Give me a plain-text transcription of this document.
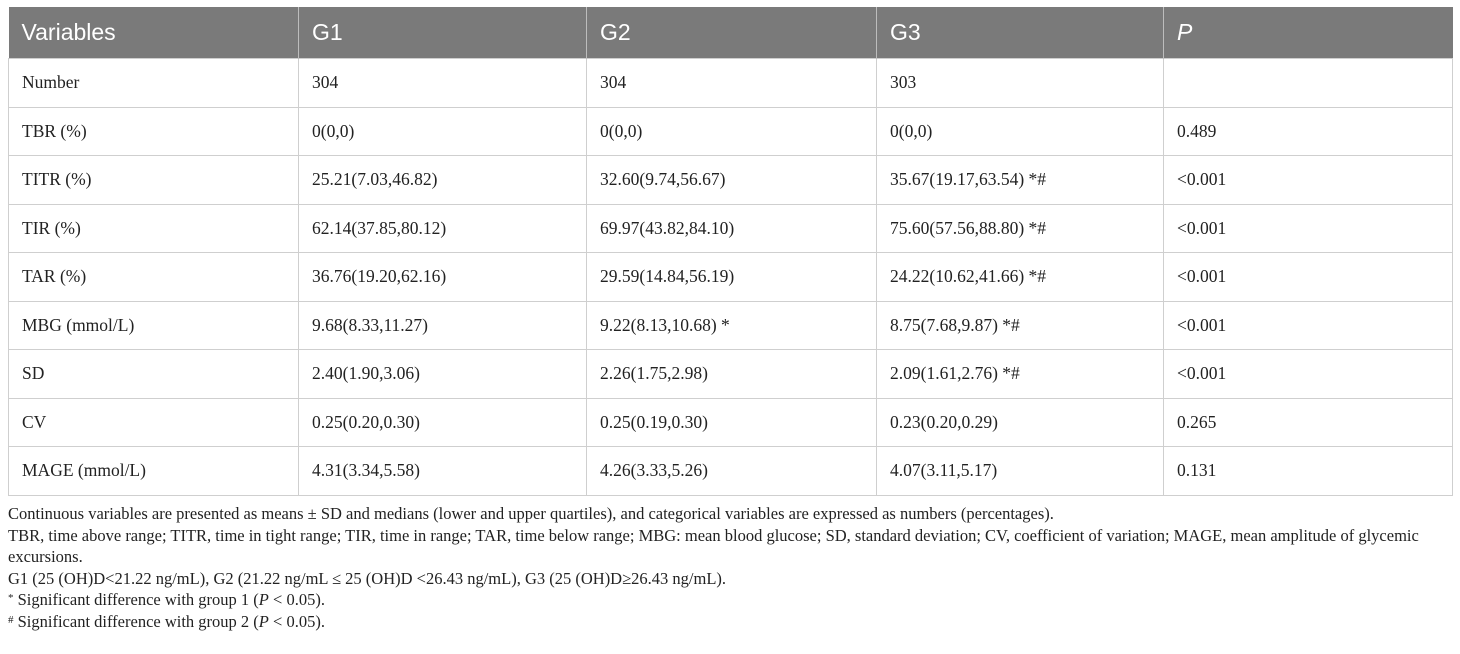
Variables	G1	G2	G3	P
Number	304	304	303	
TBR (%)	0(0,0)	0(0,0)	0(0,0)	0.489
TITR (%)	25.21(7.03,46.82)	32.60(9.74,56.67)	35.67(19.17,63.54) *#	<0.001
TIR (%)	62.14(37.85,80.12)	69.97(43.82,84.10)	75.60(57.56,88.80) *#	<0.001
TAR (%)	36.76(19.20,62.16)	29.59(14.84,56.19)	24.22(10.62,41.66) *#	<0.001
MBG (mmol/L)	9.68(8.33,11.27)	9.22(8.13,10.68) *	8.75(7.68,9.87) *#	<0.001
SD	2.40(1.90,3.06)	2.26(1.75,2.98)	2.09(1.61,2.76) *#	<0.001
CV	0.25(0.20,0.30)	0.25(0.19,0.30)	0.23(0.20,0.29)	0.265
MAGE (mmol/L)	4.31(3.34,5.58)	4.26(3.33,5.26)	4.07(3.11,5.17)	0.131

Continuous variables are presented as means ± SD and medians (lower and upper quartiles), and categorical variables are expressed as numbers (percentages).

TBR, time above range; TITR, time in tight range; TIR, time in range; TAR, time below range; MBG: mean blood glucose; SD, standard deviation; CV, coefficient of variation; MAGE, mean amplitude of glycemic excursions.

G1 (25 (OH)D<21.22 ng/mL), G2 (21.22 ng/mL ≤ 25 (OH)D <26.43 ng/mL), G3 (25 (OH)D≥26.43 ng/mL).

* Significant difference with group 1 (P < 0.05).

# Significant difference with group 2 (P < 0.05).
